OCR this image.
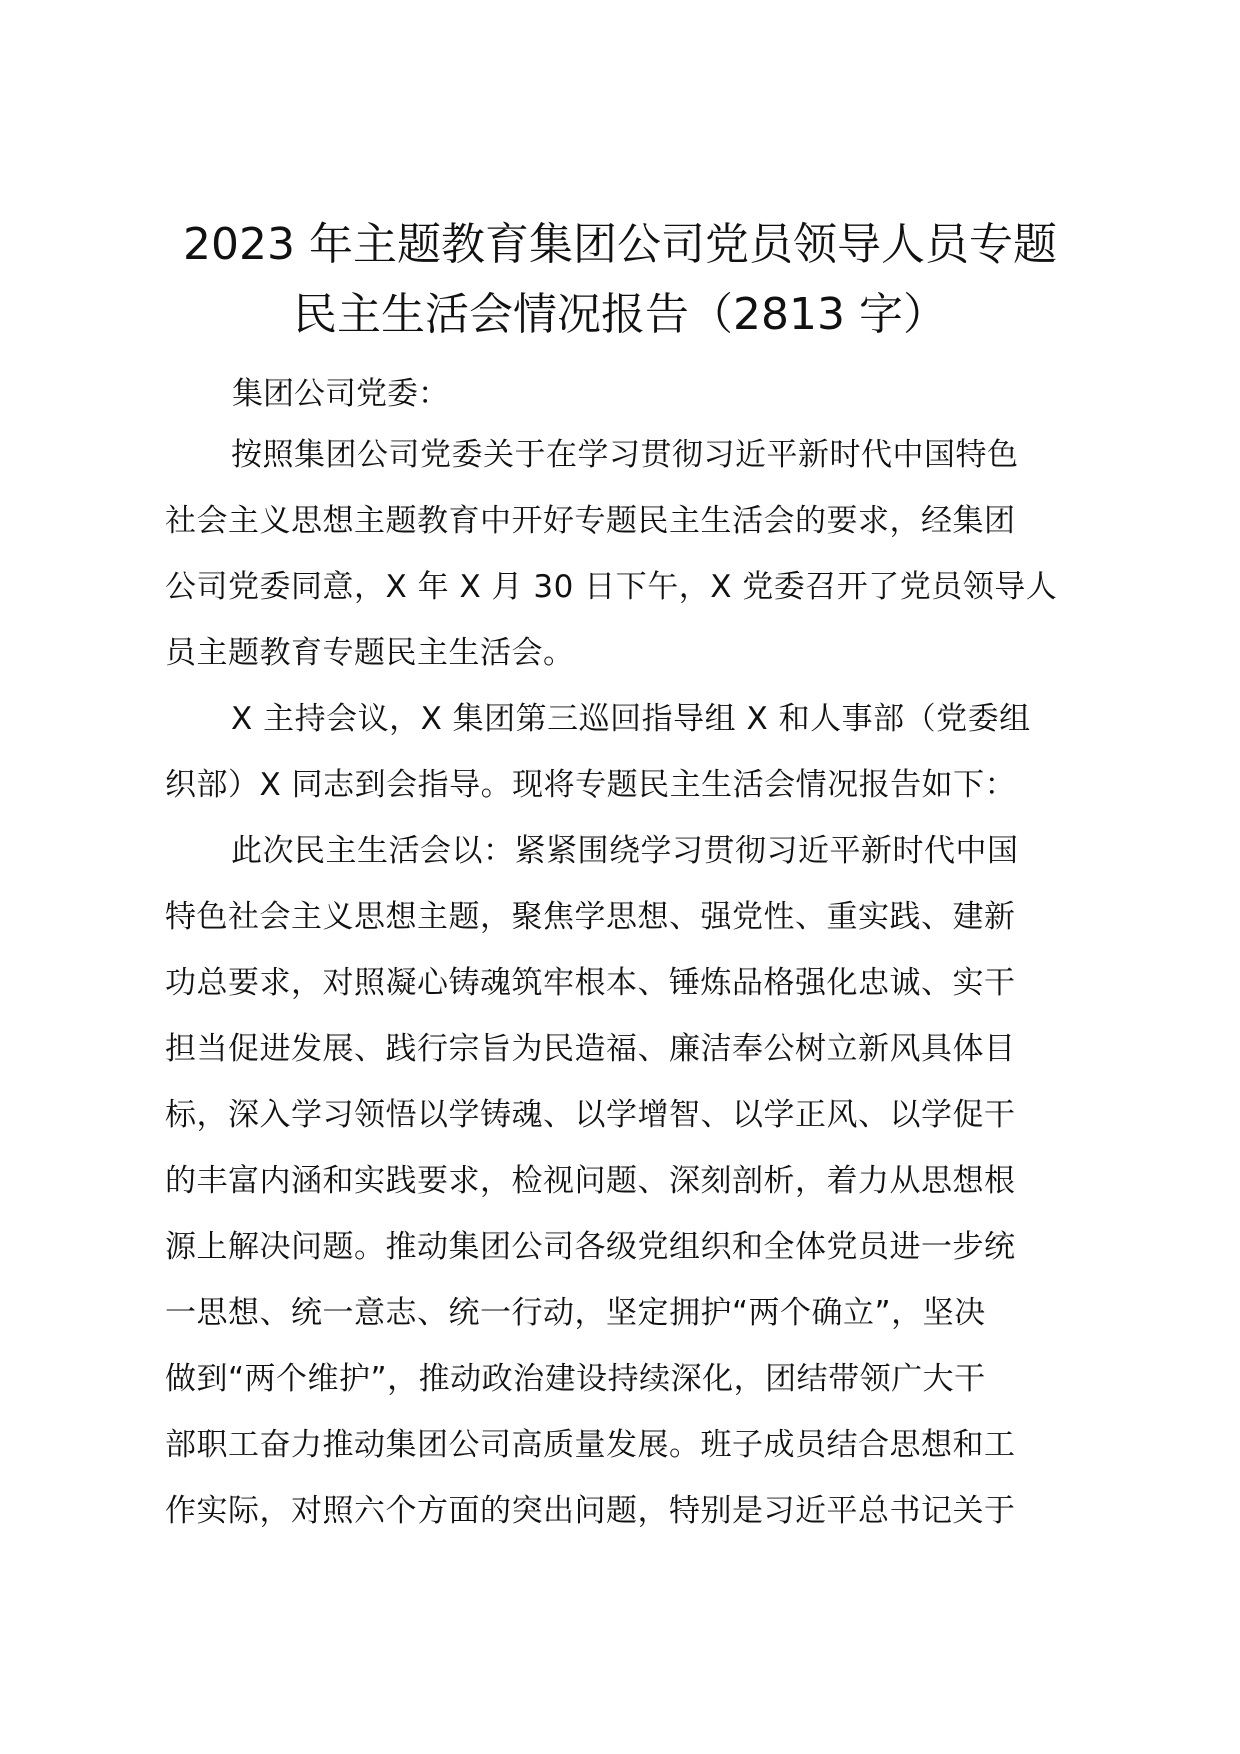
2023 年主题教育集团公司党员领导人员专题
民主生活会情况报告（2813 字）
集团公司党委：
按照集团公司党委关于在学习贯彻习近平新时代中国特色
社会主义思想主题教育中开好专题民主生活会的要求，经集团
公司党委同意，X 年 X 月 30 日下午，X 党委召开了党员领导人
员主题教育专题民主生活会。
X 主持会议，X 集团第三巡回指导组 X 和人事部（党委组
织部）X 同志到会指导。现将专题民主生活会情况报告如下：
此次民主生活会以：紧紧围绕学习贯彻习近平新时代中国
特色社会主义思想主题，聚焦学思想、强党性、重实践、建新
功总要求，对照凝心铸魂筑牢根本、锤炼品格强化忠诚、实干
担当促进发展、践行宗旨为民造福、廉洁奉公树立新风具体目
标，深入学习领悟以学铸魂、以学增智、以学正风、以学促干
的丰富内涵和实践要求，检视问题、深刻剖析，着力从思想根
源上解决问题。推动集团公司各级党组织和全体党员进一步统
一思想、统一意志、统一行动，坚定拥护“两个确立”，坚决
做到“两个维护”，推动政治建设持续深化，团结带领广大干
部职工奋力推动集团公司高质量发展。班子成员结合思想和工
作实际，对照六个方面的突出问题，特别是习近平总书记关于
